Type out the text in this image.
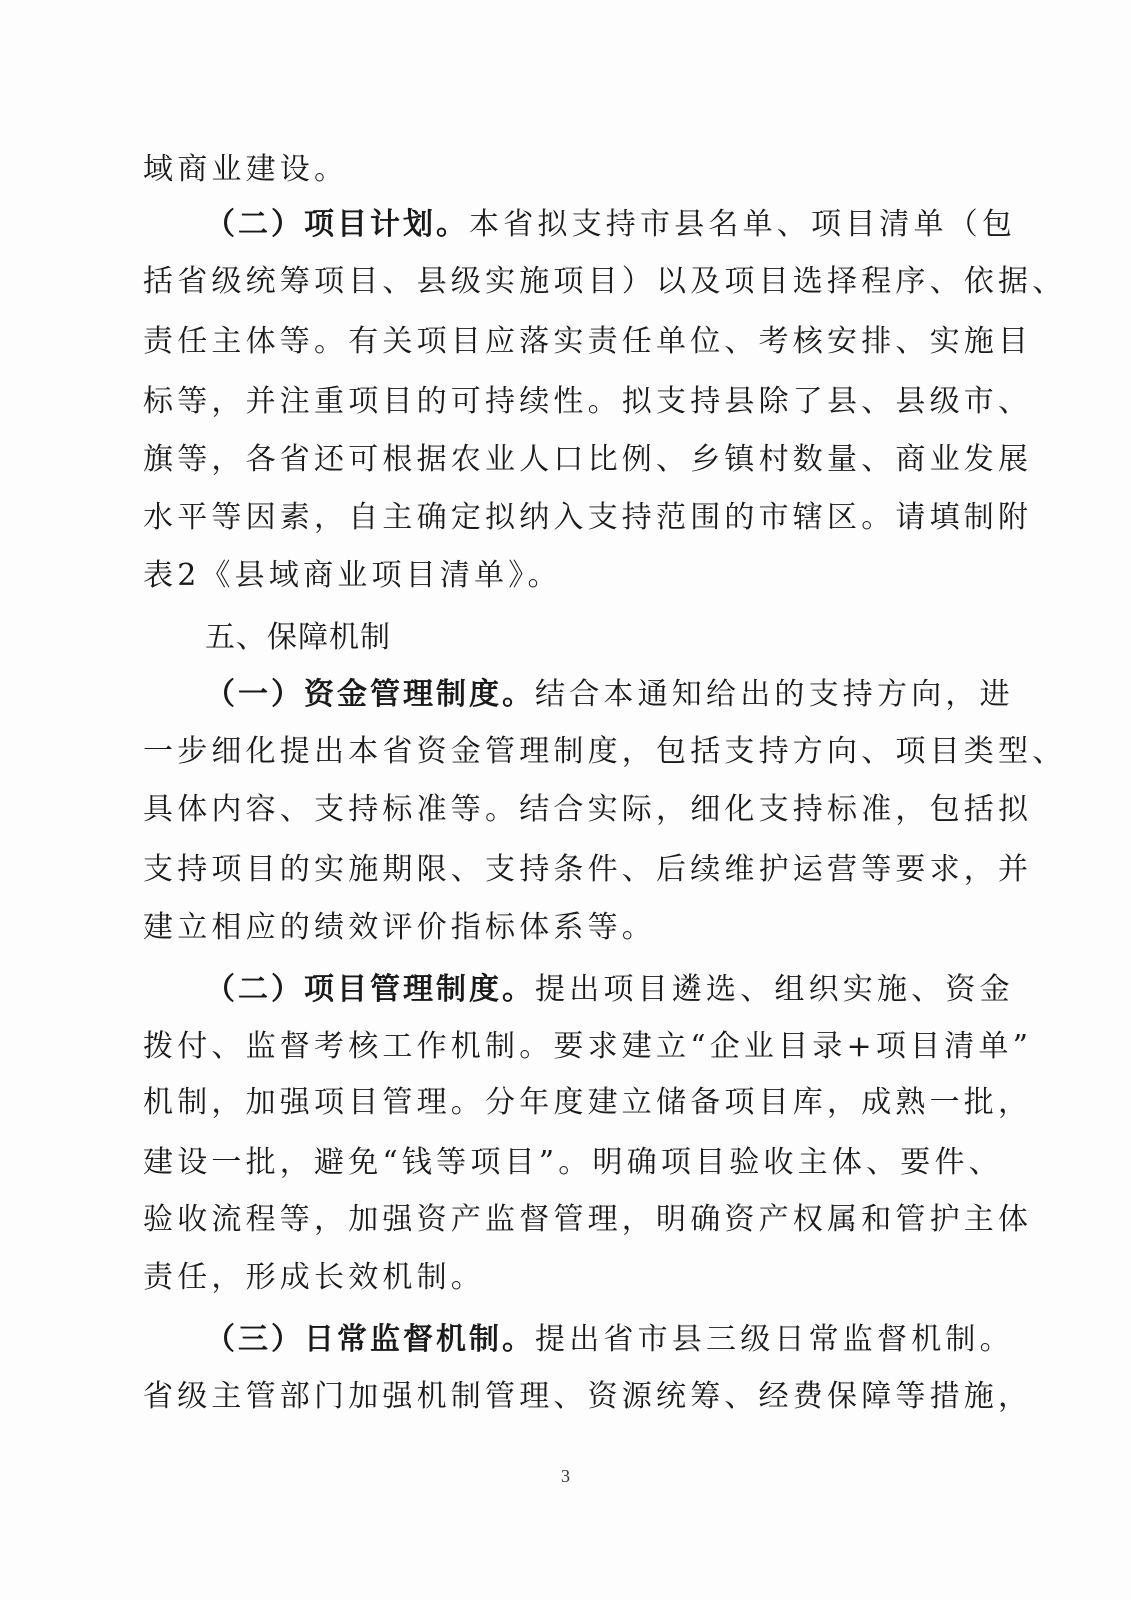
域商业建设。
（二）项目计划。本省拟支持市县名单、项目清单（包
括省级统筹项目、县级实施项目）以及项目选择程序、依据、
责任主体等。有关项目应落实责任单位、考核安排、实施目
标等，并注重项目的可持续性。拟支持县除了县、县级市、
旗等，各省还可根据农业人口比例、乡镇村数量、商业发展
水平等因素，自主确定拟纳入支持范围的市辖区。请填制附
表2《县域商业项目清单》。
五、保障机制
（一）资金管理制度。结合本通知给出的支持方向，进
一步细化提出本省资金管理制度，包括支持方向、项目类型、
具体内容、支持标准等。结合实际，细化支持标准，包括拟
支持项目的实施期限、支持条件、后续维护运营等要求，并
建立相应的绩效评价指标体系等。
（二）项目管理制度。提出项目遴选、组织实施、资金
拨付、监督考核工作机制。要求建立“企业目录+项目清单”
机制，加强项目管理。分年度建立储备项目库，成熟一批，
建设一批，避免“钱等项目”。明确项目验收主体、要件、
验收流程等，加强资产监督管理，明确资产权属和管护主体
责任，形成长效机制。
（三）日常监督机制。提出省市县三级日常监督机制。
省级主管部门加强机制管理、资源统筹、经费保障等措施，
3
